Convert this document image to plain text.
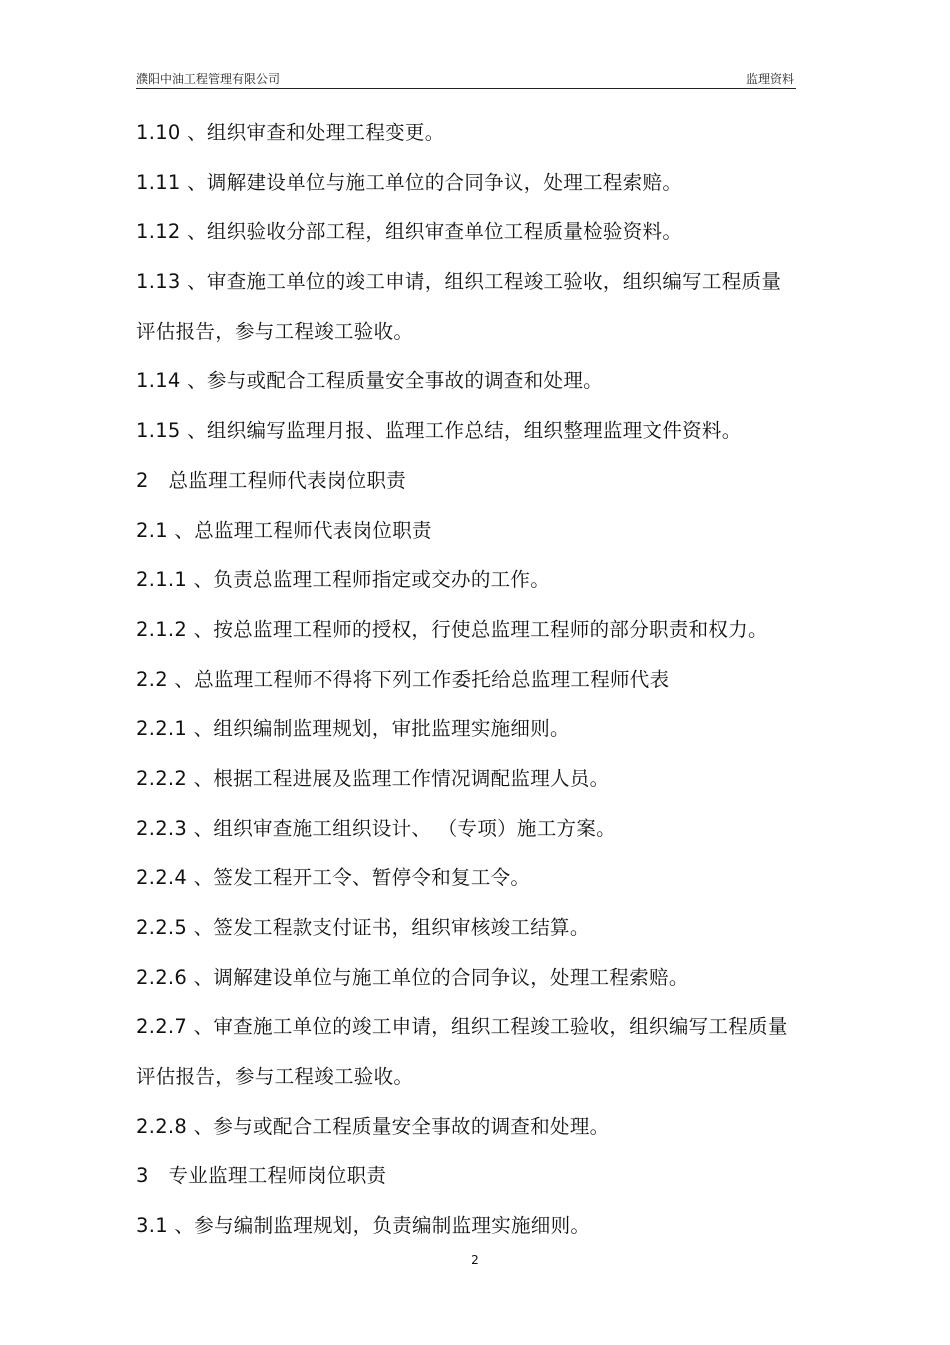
濮阳中油工程管理有限公司	监理资料
1.10 、组织审查和处理工程变更。
1.11 、调解建设单位与施工单位的合同争议，处理工程索赔。
1.12 、组织验收分部工程，组织审查单位工程质量检验资料。
1.13 、审查施工单位的竣工申请，组织工程竣工验收，组织编写工程质量
评估报告，参与工程竣工验收。
1.14 、参与或配合工程质量安全事故的调查和处理。
1.15 、组织编写监理月报、监理工作总结，组织整理监理文件资料。
2　总监理工程师代表岗位职责
2.1 、总监理工程师代表岗位职责
2.1.1 、负责总监理工程师指定或交办的工作。
2.1.2 、按总监理工程师的授权，行使总监理工程师的部分职责和权力。
2.2 、总监理工程师不得将下列工作委托给总监理工程师代表
2.2.1 、组织编制监理规划，审批监理实施细则。
2.2.2 、根据工程进展及监理工作情况调配监理人员。
2.2.3 、组织审查施工组织设计、 （专项）施工方案。
2.2.4 、签发工程开工令、暂停令和复工令。
2.2.5 、签发工程款支付证书，组织审核竣工结算。
2.2.6 、调解建设单位与施工单位的合同争议，处理工程索赔。
2.2.7 、审查施工单位的竣工申请，组织工程竣工验收，组织编写工程质量
评估报告，参与工程竣工验收。
2.2.8 、参与或配合工程质量安全事故的调查和处理。
3　专业监理工程师岗位职责
3.1 、参与编制监理规划，负责编制监理实施细则。
2
